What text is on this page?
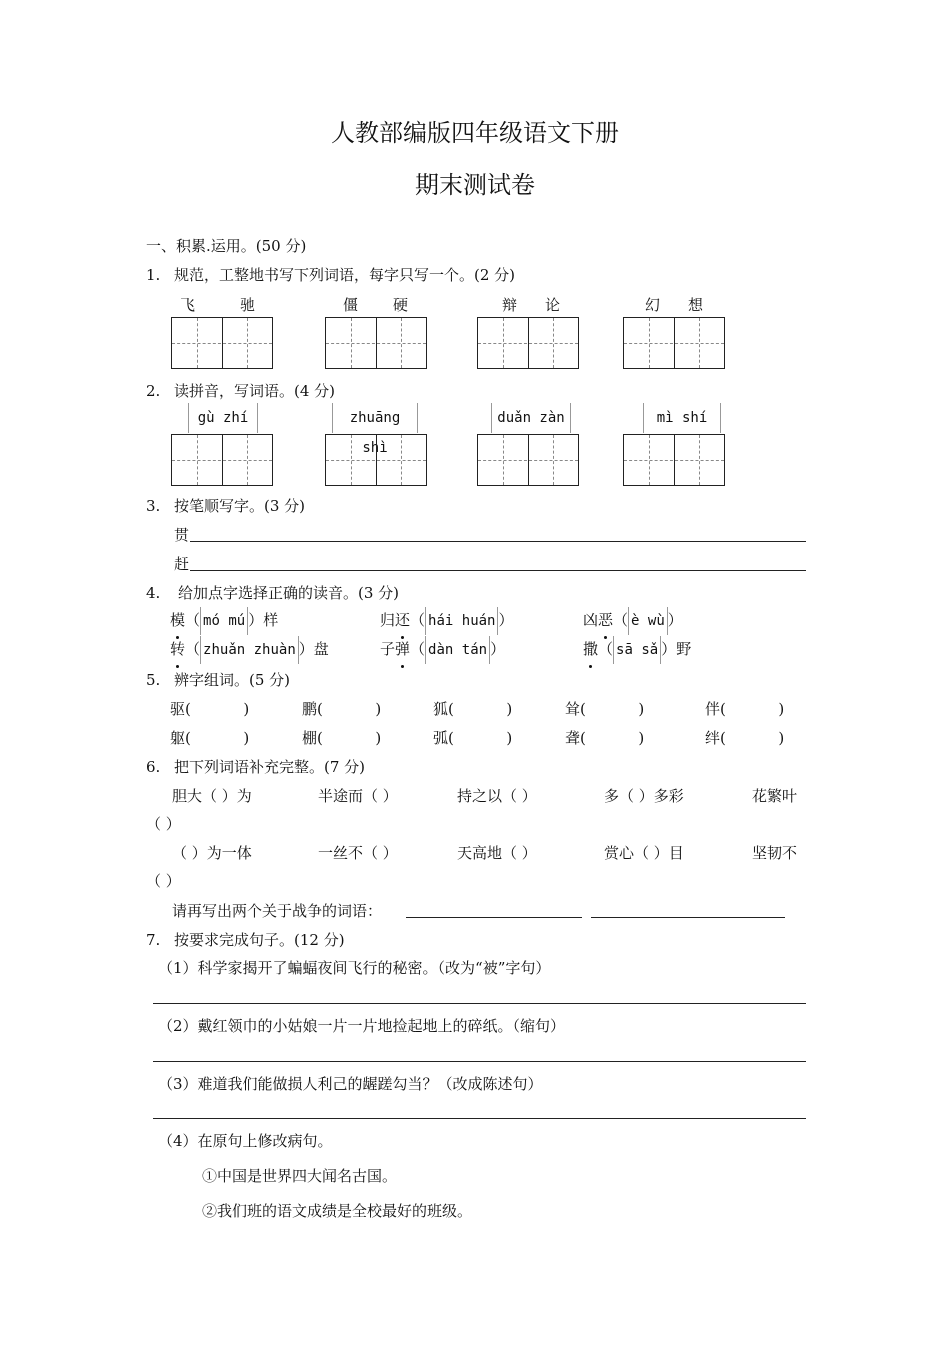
人教部编版四年级语文下册
期末测试卷
一、积累.运用。(50 分)
1. 规范，工整地书写下列词语，每字只写一个。(2 分)
飞	驰	僵 硬	辩 论	幻 想
2. 读拼音，写词语。(4 分)
gù zhí	zhuāng shì
duǎn zàn	mì shí
3. 按笔顺写字。(3 分)
贯
赶
4. 给加点字选择正确的读音。(3 分)
模（ mó mú ）样	归还（ hái huán ）	凶恶（ è wù ）
转（ zhuǎn zhuàn ）盘	子弹（ dàn tán ）	撒（ sā sǎ ）野
5. 辨字组词。(5 分)
驱(           )	鹏(           )	狐(           )	耸(           )	伴(           )
躯(           )	棚(           )	弧(           )	聋(           )	绊(           )
6. 把下列词语补充完整。(7 分)
胆大（ ）为	半途而（ ）	持之以（ ）	多（ ）多彩	花繁叶
（ ）
（ ）为一体	一丝不（ ）	天高地（ ）	赏心（ ）目	坚韧不
（ ）
请再写出两个关于战争的词语：
7. 按要求完成句子。(12 分)
（1）科学家揭开了蝙蝠夜间飞行的秘密。（改为“被”字句）
（2）戴红领巾的小姑娘一片一片地捡起地上的碎纸。（缩句）
（3）难道我们能做损人利己的龌蹉勾当？（改成陈述句）
（4）在原句上修改病句。
①中国是世界四大闻名古国。
②我们班的语文成绩是全校最好的班级。
